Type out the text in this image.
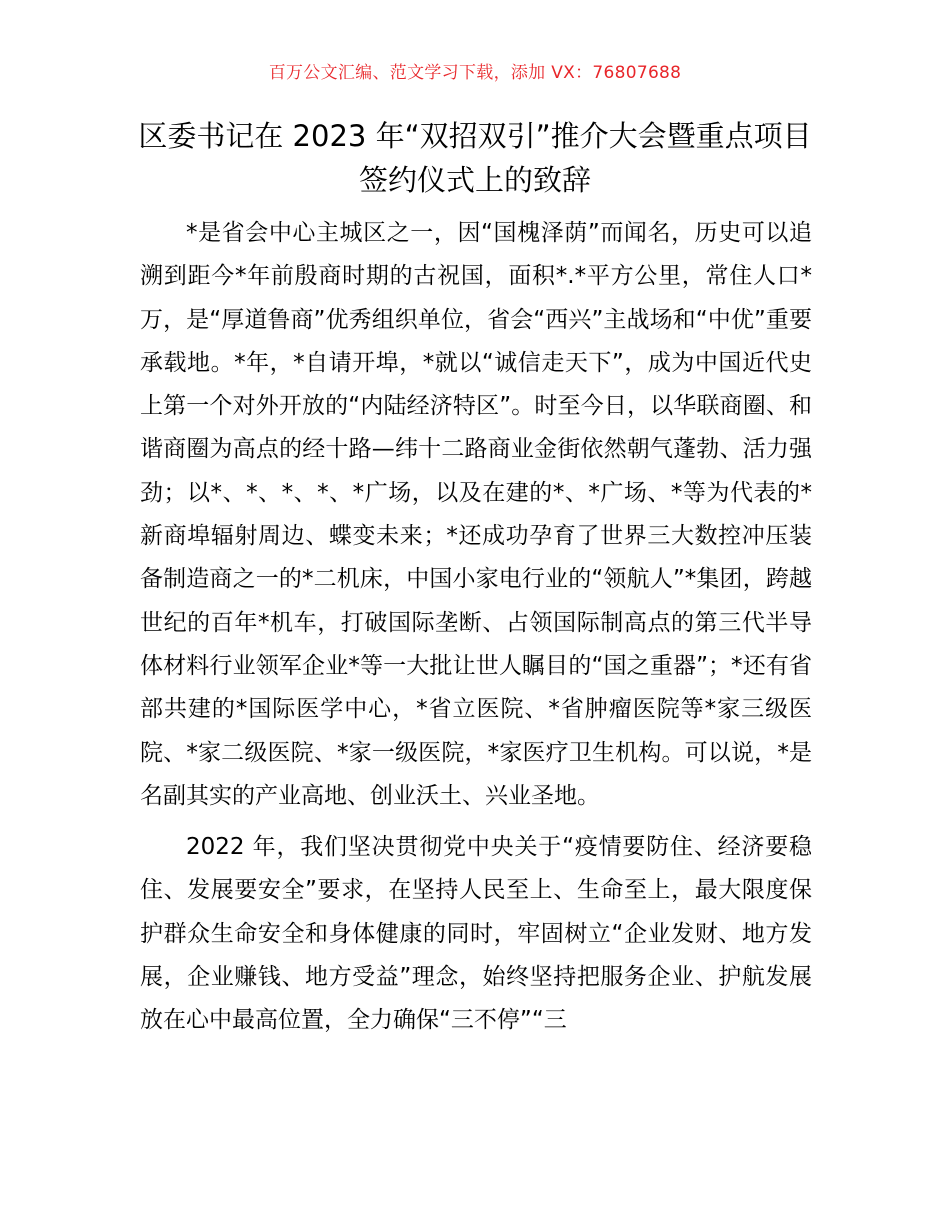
百万公文汇编、范文学习下载，添加 VX：76807688
区委书记在 2023 年“双招双引”推介大会暨重点项目签约仪式上的致辞

*是省会中心主城区之一，因“国槐泽荫”而闻名，历史可以追溯到距今*年前殷商时期的古祝国，面积*.*平方公里，常住人口*万，是“厚道鲁商”优秀组织单位，省会“西兴”主战场和“中优”重要承载地。*年，*自请开埠，*就以“诚信走天下”，成为中国近代史上第一个对外开放的“内陆经济特区”。时至今日，以华联商圈、和谐商圈为高点的经十路—纬十二路商业金街依然朝气蓬勃、活力强劲；以*、*、*、*、*广场，以及在建的*、*广场、*等为代表的*新商埠辐射周边、蝶变未来；*还成功孕育了世界三大数控冲压装备制造商之一的*二机床，中国小家电行业的“领航人”*集团，跨越世纪的百年*机车，打破国际垄断、占领国际制高点的第三代半导体材料行业领军企业*等一大批让世人瞩目的“国之重器”；*还有省部共建的*国际医学中心，*省立医院、*省肿瘤医院等*家三级医院、*家二级医院、*家一级医院，*家医疗卫生机构。可以说，*是名副其实的产业高地、创业沃土、兴业圣地。

2022 年，我们坚决贯彻党中央关于“疫情要防住、经济要稳住、发展要安全”要求，在坚持人民至上、生命至上，最大限度保护群众生命安全和身体健康的同时，牢固树立“企业发财、地方发展，企业赚钱、地方受益”理念，始终坚持把服务企业、护航发展放在心中最高位置，全力确保“三不停”“三
